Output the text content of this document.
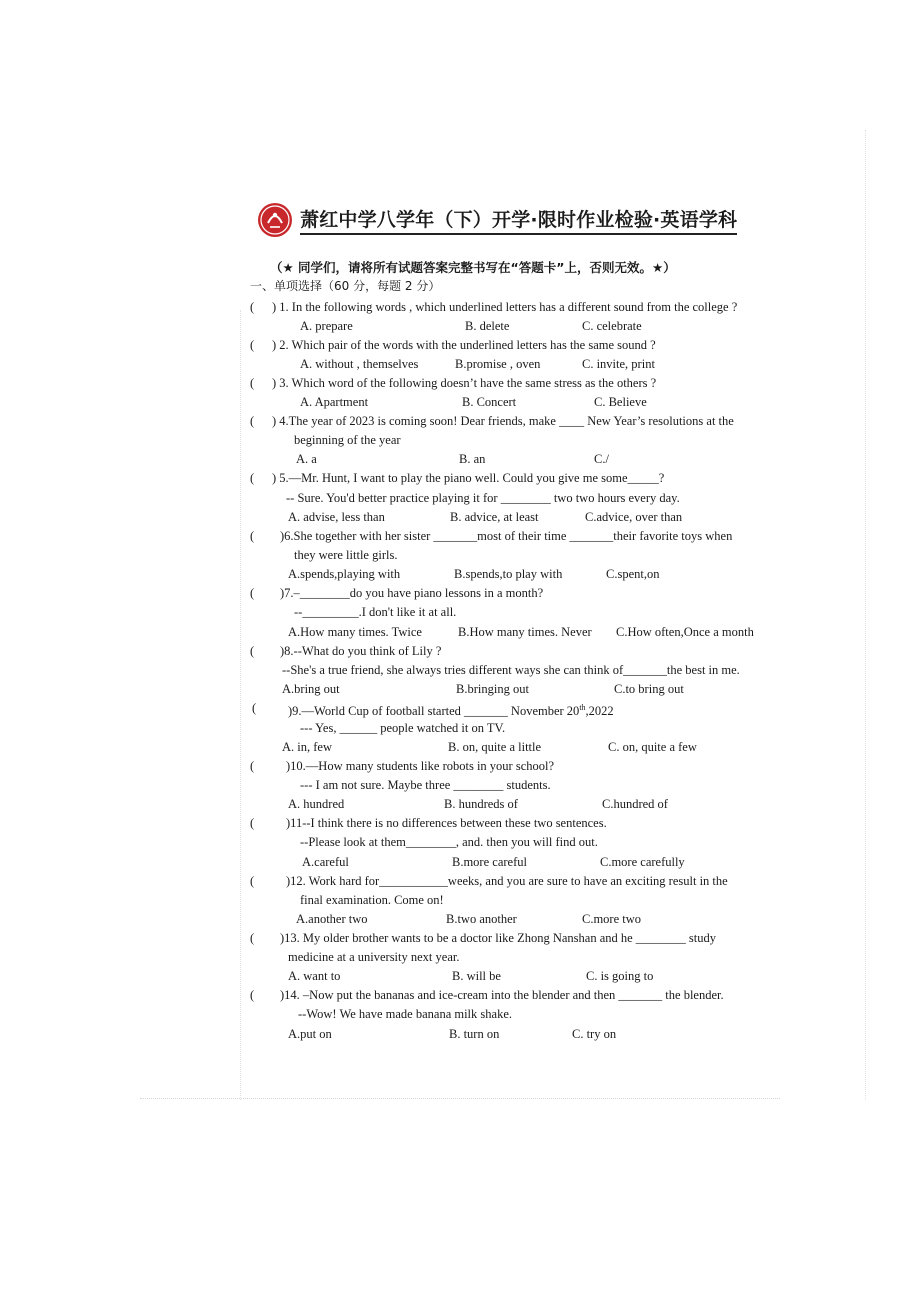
萧红中学八学年（下）开学·限时作业检验·英语学科
（★ 同学们，请将所有试题答案完整书写在“答题卡”上，否则无效。★）
一、单项选择（60 分，每题 2 分）
( ) 1. In the following words , which underlined letters has a different sound from the college ?
A. prepare	B. delete	C. celebrate
( ) 2. Which pair of the words with the underlined letters has the same sound ?
A. without , themselves	B.promise , oven	C. invite, print
( ) 3. Which word of the following doesn’t have the same stress as the others ?
A. Apartment	B. Concert	C. Believe
( ) 4.The year of 2023 is coming soon! Dear friends, make ____ New Year’s resolutions at the
beginning of the year
A. a	B. an	C./
( ) 5.—Mr. Hunt, I want to play the piano well. Could you give me some_____?
-- Sure. You'd better practice playing it for ________ two two hours every day.
A. advise, less than	B. advice, at least	C.advice, over than
( )6.She together with her sister _______most of their time _______their favorite toys when
they were little girls.
A.spends,playing with	B.spends,to play with	C.spent,on
( )7.–________do you have piano lessons in a month?
--_________.I don't like it at all.
A.How many times. Twice	B.How many times. Never C.How often,Once a month
( )8.--What do you think of Lily ?
--She's a true friend, she always tries different ways she can think of_______the best in me.
A.bring out	B.bringing out	C.to bring out
(	)9.—World Cup of football started _______ November 20th,2022
--- Yes, ______ people watched it on TV.
A. in, few	B. on, quite a little	C. on, quite a few
(	)10.—How many students like robots in your school?
--- I am not sure. Maybe three ________ students.
A. hundred	B. hundreds of	C.hundred of
(	)11--I think there is no differences between these two sentences.
--Please look at them________, and. then you will find out.
A.careful	B.more careful	C.more carefully
(	)12. Work hard for___________weeks, and you are sure to have an exciting result in the
final examination. Come on!
A.another two	B.two another	C.more two
( )13. My older brother wants to be a doctor like Zhong Nanshan and he ________ study
medicine at a university next year.
A. want to	B. will be	C. is going to
( )14. –Now put the bananas and ice-cream into the blender and then _______ the blender.
--Wow! We have made banana milk shake.
A.put on	B. turn on	C. try on
